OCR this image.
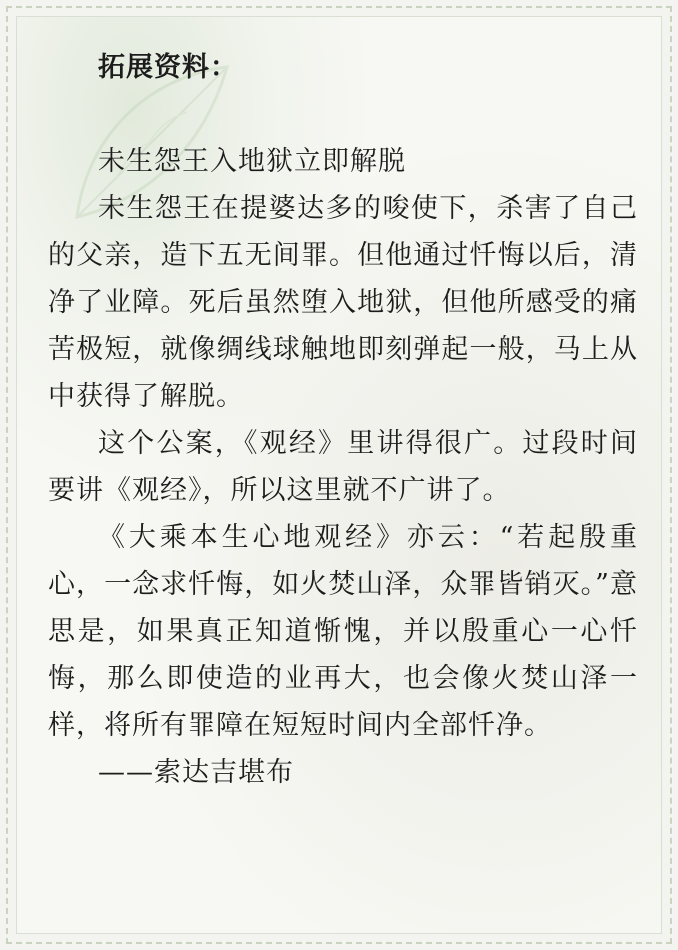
拓展资料：

未生怨王入地狱立即解脱

未生怨王在提婆达多的唆使下，杀害了自己的父亲，造下五无间罪。但他通过忏悔以后，清净了业障。死后虽然堕入地狱，但他所感受的痛苦极短，就像绸线球触地即刻弹起一般，马上从中获得了解脱。

这个公案，《观经》里讲得很广。过段时间要讲《观经》，所以这里就不广讲了。

《大乘本生心地观经》亦云：“若起殷重心，一念求忏悔，如火焚山泽，众罪皆销灭。”意思是，如果真正知道惭愧，并以殷重心一心忏悔，那么即使造的业再大，也会像火焚山泽一样，将所有罪障在短短时间内全部忏净。

——索达吉堪布
